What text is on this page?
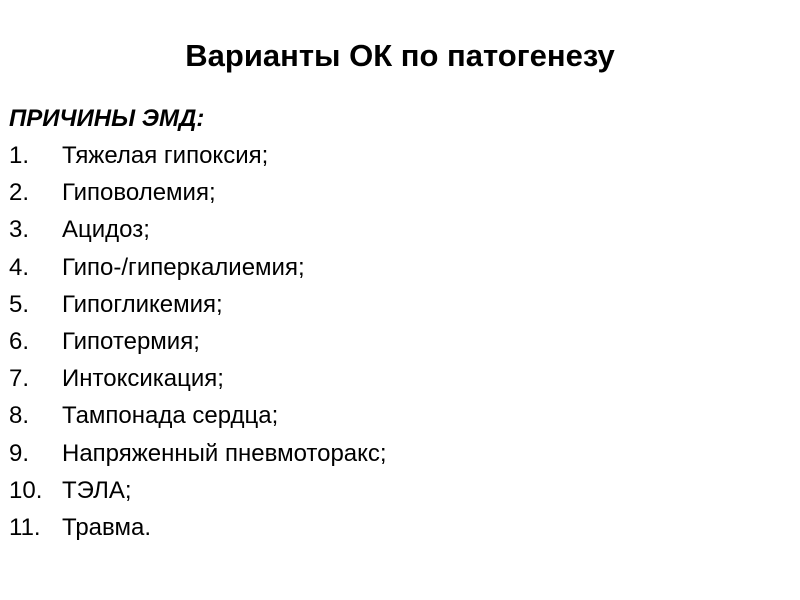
Варианты ОК по патогенезу

ПРИЧИНЫ ЭМД:

1.	Тяжелая гипоксия;
2.	Гиповолемия;
3.	Ацидоз;
4.	Гипо-/гиперкалиемия;
5.	Гипогликемия;
6.	Гипотермия;
7.	Интоксикация;
8.	Тампонада сердца;
9.	Напряженный пневмоторакс;
10. ТЭЛА;
11. Травма.
